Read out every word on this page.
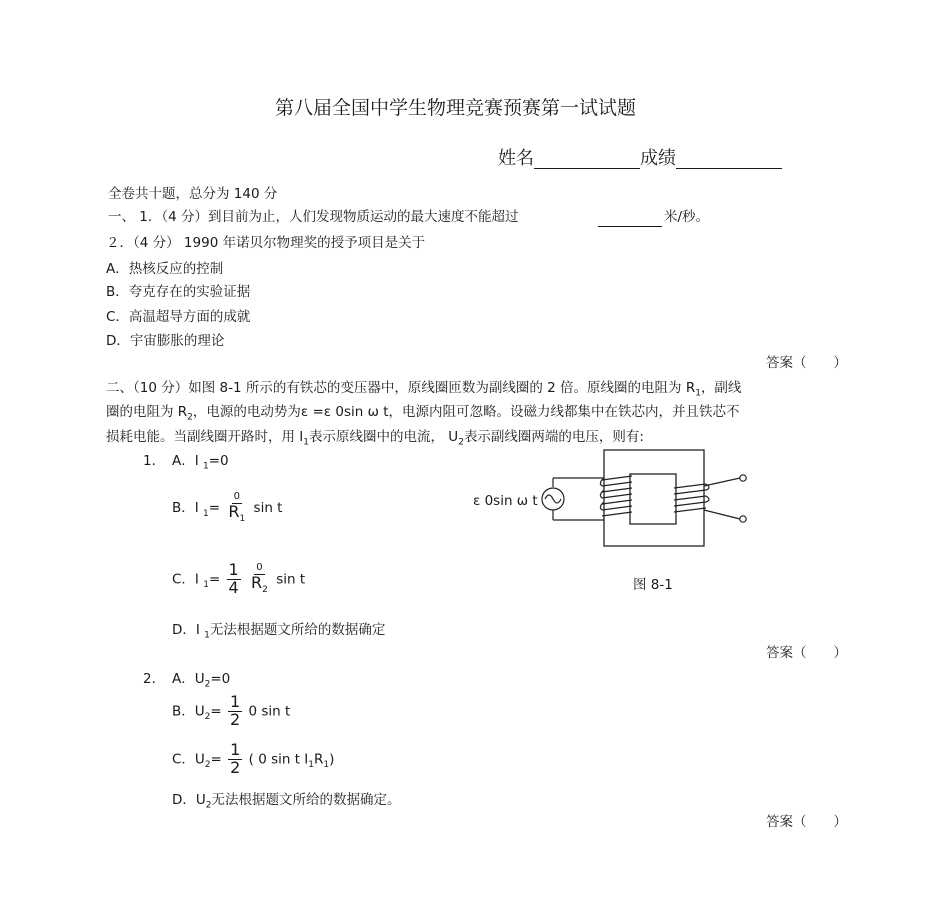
第八届全国中学生物理竞赛预赛第一试试题
姓名	成绩
全卷共十题，总分为 140 分
一、 1．（4 分）到目前为止，人们发现物质运动的最大速度不能超过	米/秒。
２．（4 分） 1990 年诺贝尔物理奖的授予项目是关于
A．热核反应的控制
B．夸克存在的实验证据
C．高温超导方面的成就
D．宇宙膨胀的理论
答案（　　）
二、（10 分）如图 8-1 所示的有铁芯的变压器中，原线圈匝数为副线圈的 2 倍。原线圈的电阻为 $R_1$，副线
圈的电阻为 $R_2$，电源的电动势为ε =ε 0sin ω t，电源内阻可忽略。设磁力线都集中在铁芯内，并且铁芯不
损耗电能。当副线圈开路时，用 $I_1$表示原线圈中的电流， $U_2$表示副线圈两端的电压，则有:
1． A．I $_1$=0
B．I $_1= \frac{0}{R_1}$ sin t
C．I $_1= \frac{1}{4}$
$\frac{0}{R_2}$ sin t
D．I $_1$无法根据题文所给的数据确定
答案（　　）
ε 0sin ω t
图 8-1
2． A．$U_2=0$
B．$U_2= \frac{1}{2} 0$ sin t
C．$U_2= \frac{1}{2}$ ( 0 sin t $I_1R_1$)
D．$U_2$无法根据题文所给的数据确定。
答案（　　）
